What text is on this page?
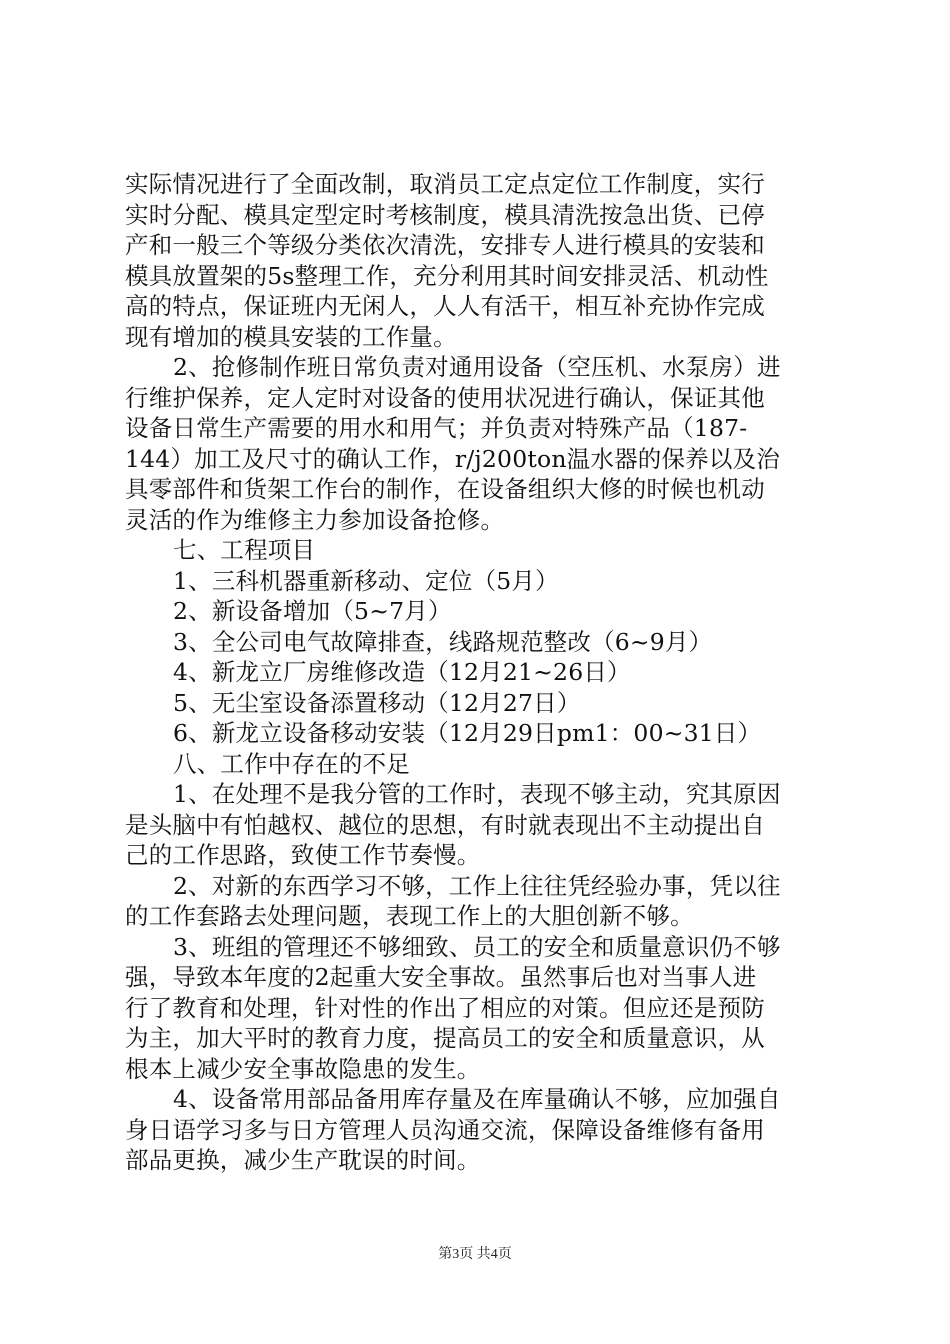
实际情况进行了全面改制，取消员工定点定位工作制度，实行
实时分配、模具定型定时考核制度，模具清洗按急出货、已停
产和一般三个等级分类依次清洗，安排专人进行模具的安装和
模具放置架的5s整理工作，充分利用其时间安排灵活、机动性
高的特点，保证班内无闲人，人人有活干，相互补充协作完成
现有增加的模具安装的工作量。
2、抢修制作班日常负责对通用设备（空压机、水泵房）进
行维护保养，定人定时对设备的使用状况进行确认，保证其他
设备日常生产需要的用水和用气；并负责对特殊产品（187-
144）加工及尺寸的确认工作，r/j200ton温水器的保养以及治
具零部件和货架工作台的制作，在设备组织大修的时候也机动
灵活的作为维修主力参加设备抢修。
七、工程项目
1、三科机器重新移动、定位（5月）
2、新设备增加（5~7月）
3、全公司电气故障排查，线路规范整改（6~9月）
4、新龙立厂房维修改造（12月21~26日）
5、无尘室设备添置移动（12月27日）
6、新龙立设备移动安装（12月29日pm1：00~31日）
八、工作中存在的不足
1、在处理不是我分管的工作时，表现不够主动，究其原因
是头脑中有怕越权、越位的思想，有时就表现出不主动提出自
己的工作思路，致使工作节奏慢。
2、对新的东西学习不够，工作上往往凭经验办事，凭以往
的工作套路去处理问题，表现工作上的大胆创新不够。
3、班组的管理还不够细致、员工的安全和质量意识仍不够
强，导致本年度的2起重大安全事故。虽然事后也对当事人进
行了教育和处理，针对性的作出了相应的对策。但应还是预防
为主，加大平时的教育力度，提高员工的安全和质量意识，从
根本上减少安全事故隐患的发生。
4、设备常用部品备用库存量及在库量确认不够，应加强自
身日语学习多与日方管理人员沟通交流，保障设备维修有备用
部品更换，减少生产耽误的时间。
第3页 共4页
